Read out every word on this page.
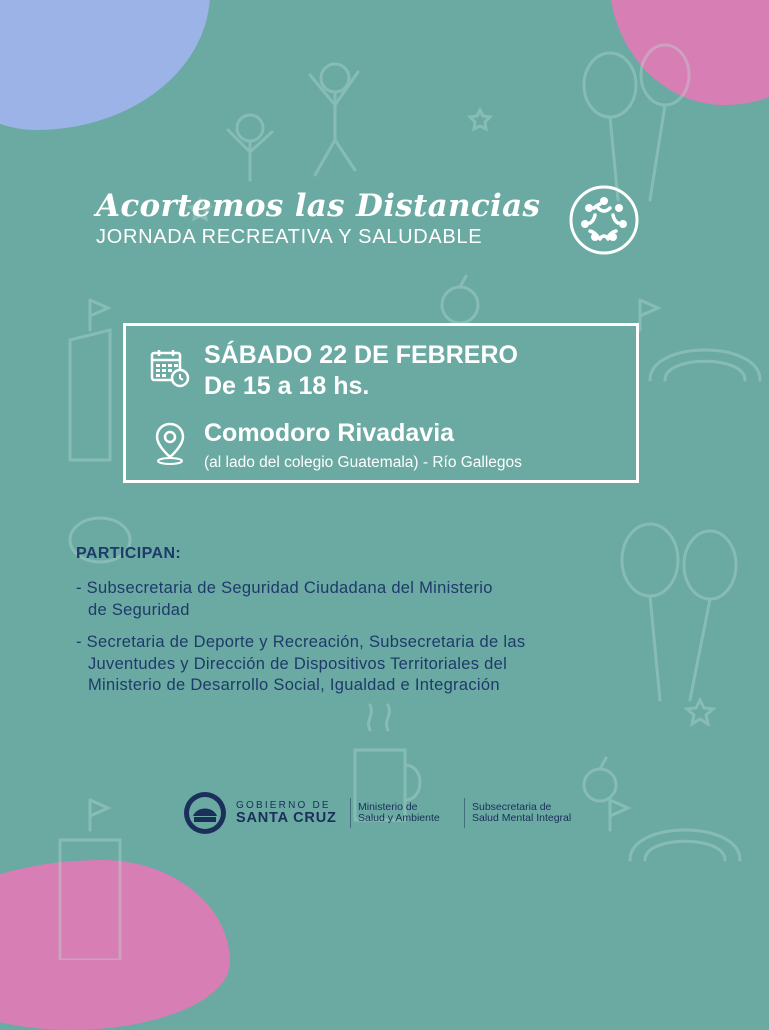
Acortemos las Distancias
JORNADA RECREATIVA Y SALUDABLE
SÁBADO 22 DE FEBRERO
De 15 a 18 hs.
Comodoro Rivadavia
(al lado del colegio Guatemala) - Río Gallegos
PARTICIPAN:
- Subsecretaria de Seguridad Ciudadana del Ministerio
de Seguridad
- Secretaria de Deporte y Recreación, Subsecretaria de las
Juventudes y Dirección de Dispositivos Territoriales del
Ministerio de Desarrollo Social, Igualdad e Integración
GOBIERNO DE
SANTA CRUZ
Ministerio de
Salud y Ambiente
Subsecretaria de
Salud Mental Integral
